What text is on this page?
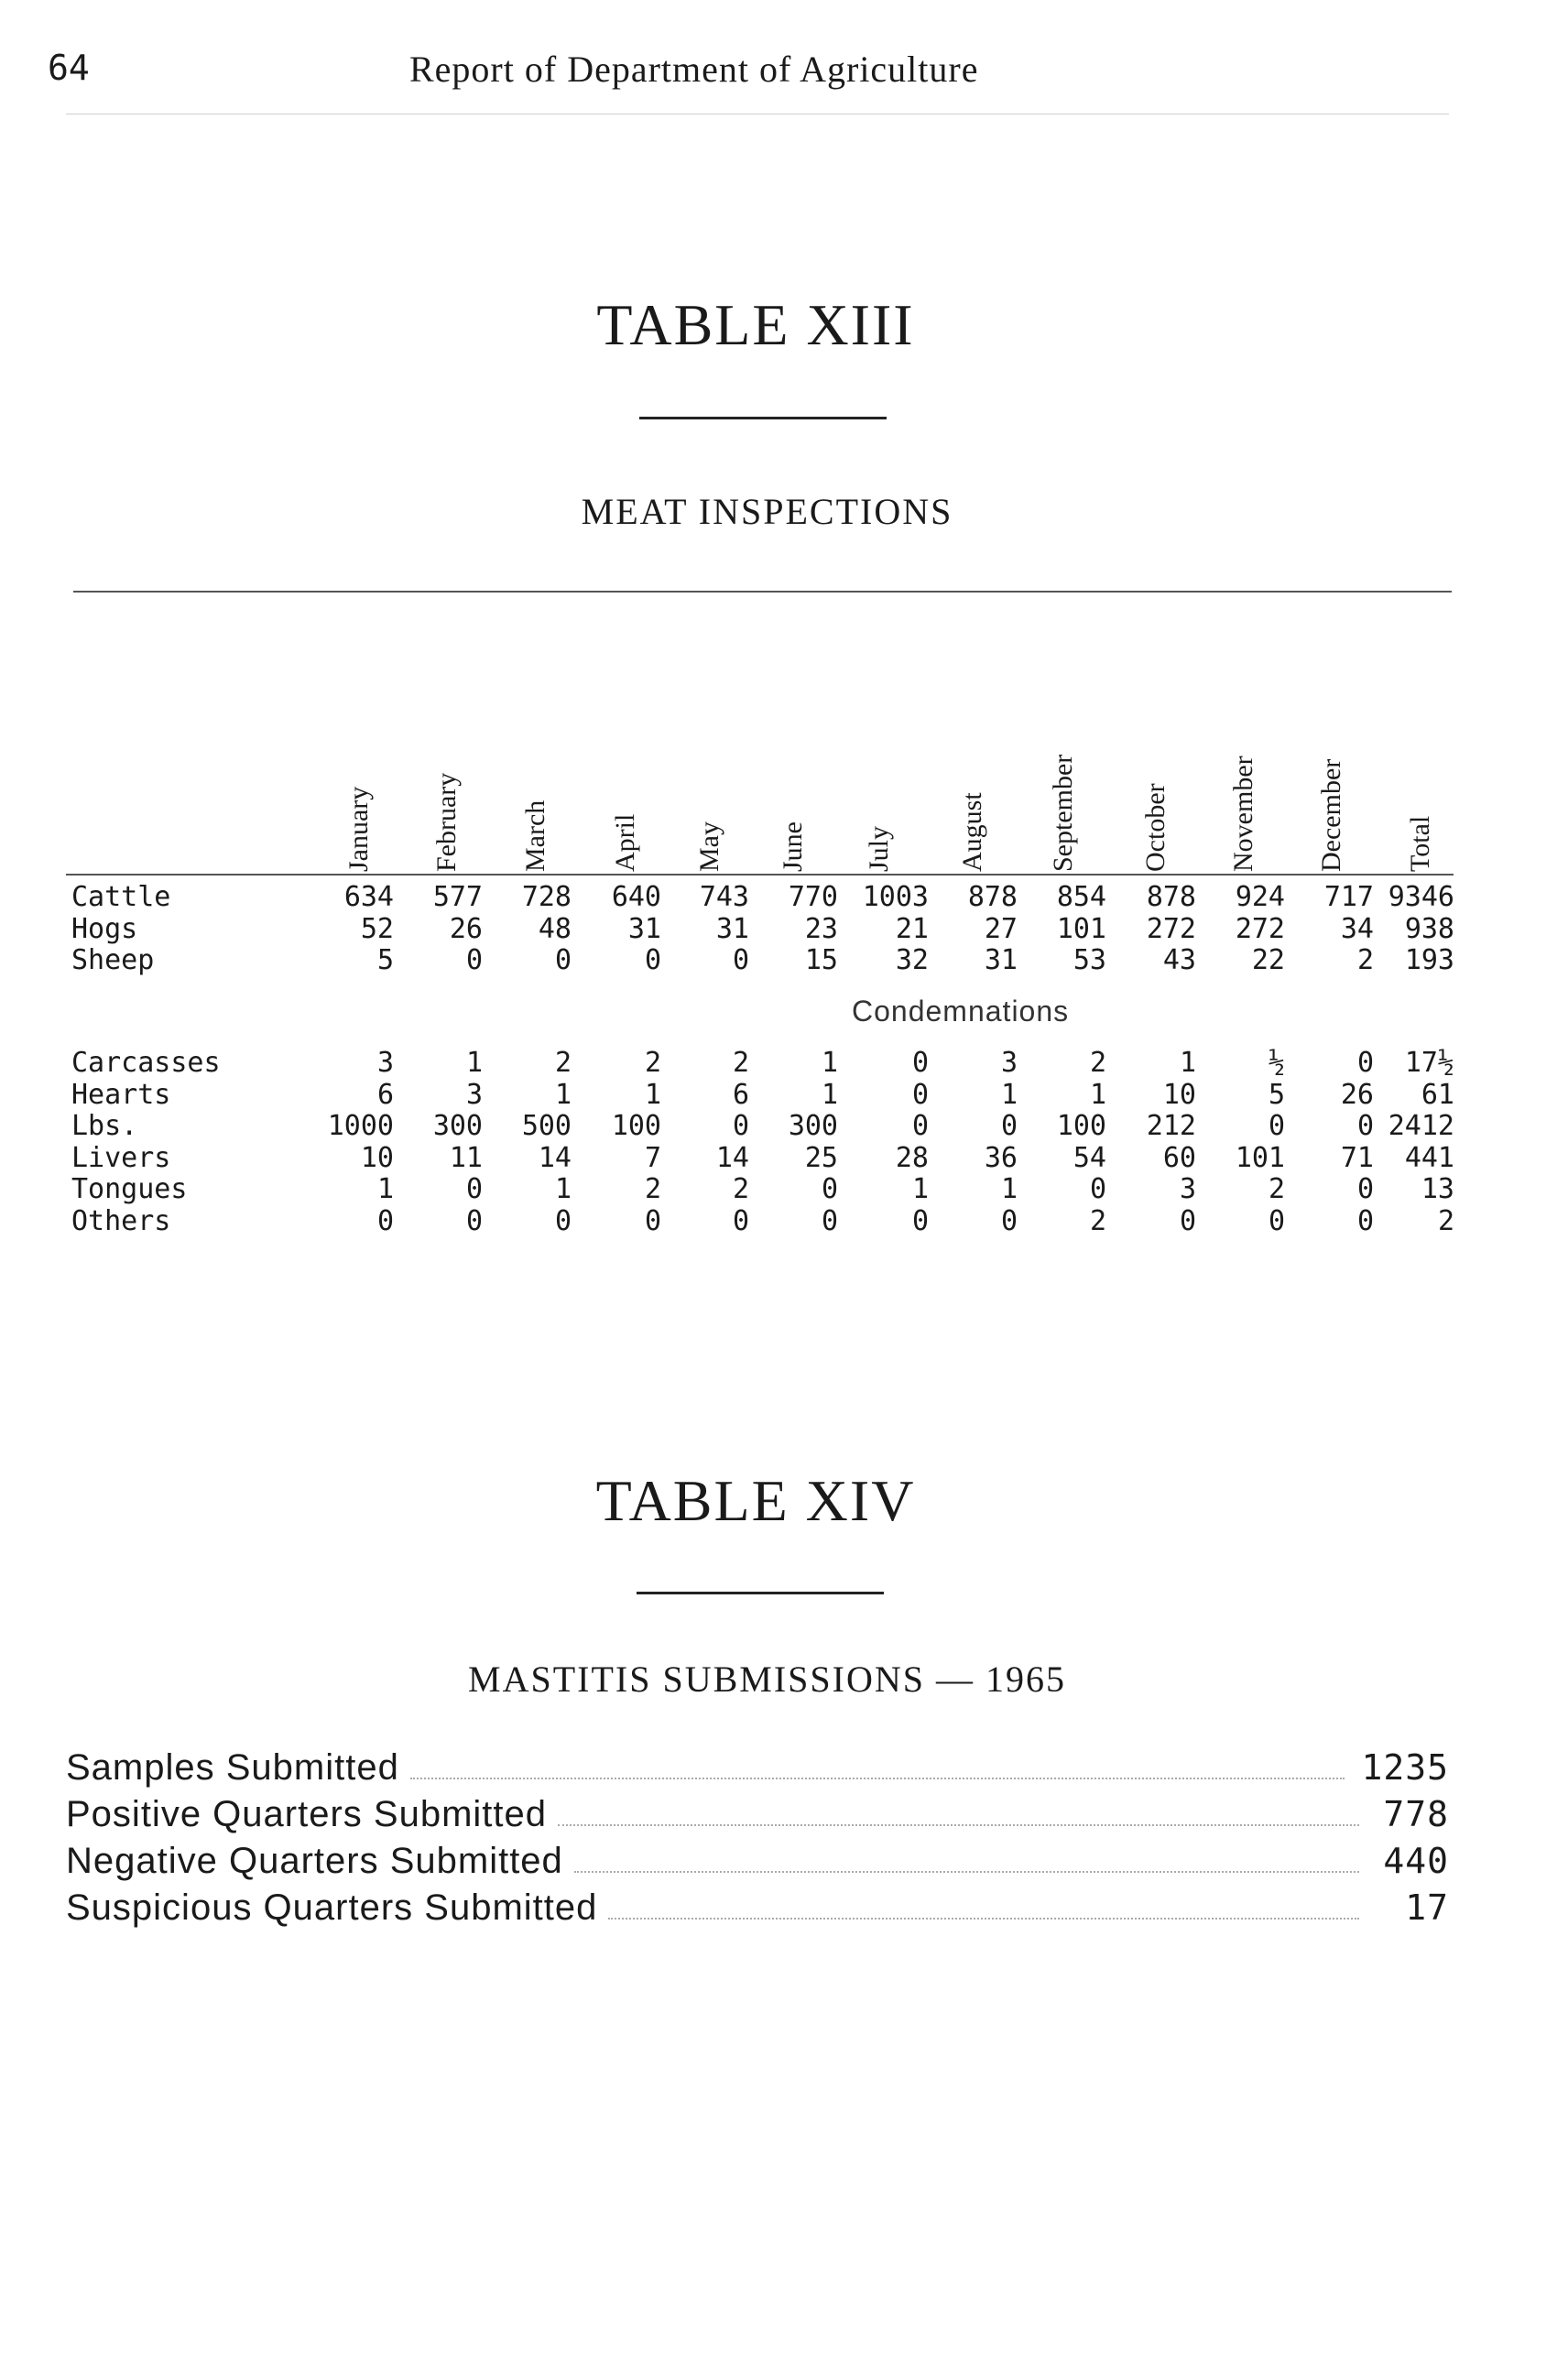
64	Report of Department of Agriculture
TABLE XIII
MEAT INSPECTIONS
January February March April May June July August September October November December Total
Cattle	634	577	728	640	743	770 1003	878	854	878	924	717 9346
Hogs	52	26	48	31	31	23	21	27	101	272	272	34	938
Sheep	5	0	0	0	0	15	32	31	53	43	22	2	193
Condemnations
Carcasses	3	1	2	2	2	1	0	3	2	1	½	0	17½
Hearts	6	3	1	1	6	1	0	1	1	10	5	26	61
Lbs.	1000	300	500	100	0	300	0	0	100	212	0	0 2412
Livers	10	11	14	7	14	25	28	36	54	60	101	71	441
Tongues	1	0	1	2	2	0	1	1	0	3	2	0	13
Others	0	0	0	0	0	0	0	0	2	0	0	0	2
TABLE XIV
MASTITIS SUBMISSIONS — 1965
Samples Submitted	1235
Positive Quarters Submitted	778
Negative Quarters Submitted	440
Suspicious Quarters Submitted	17
